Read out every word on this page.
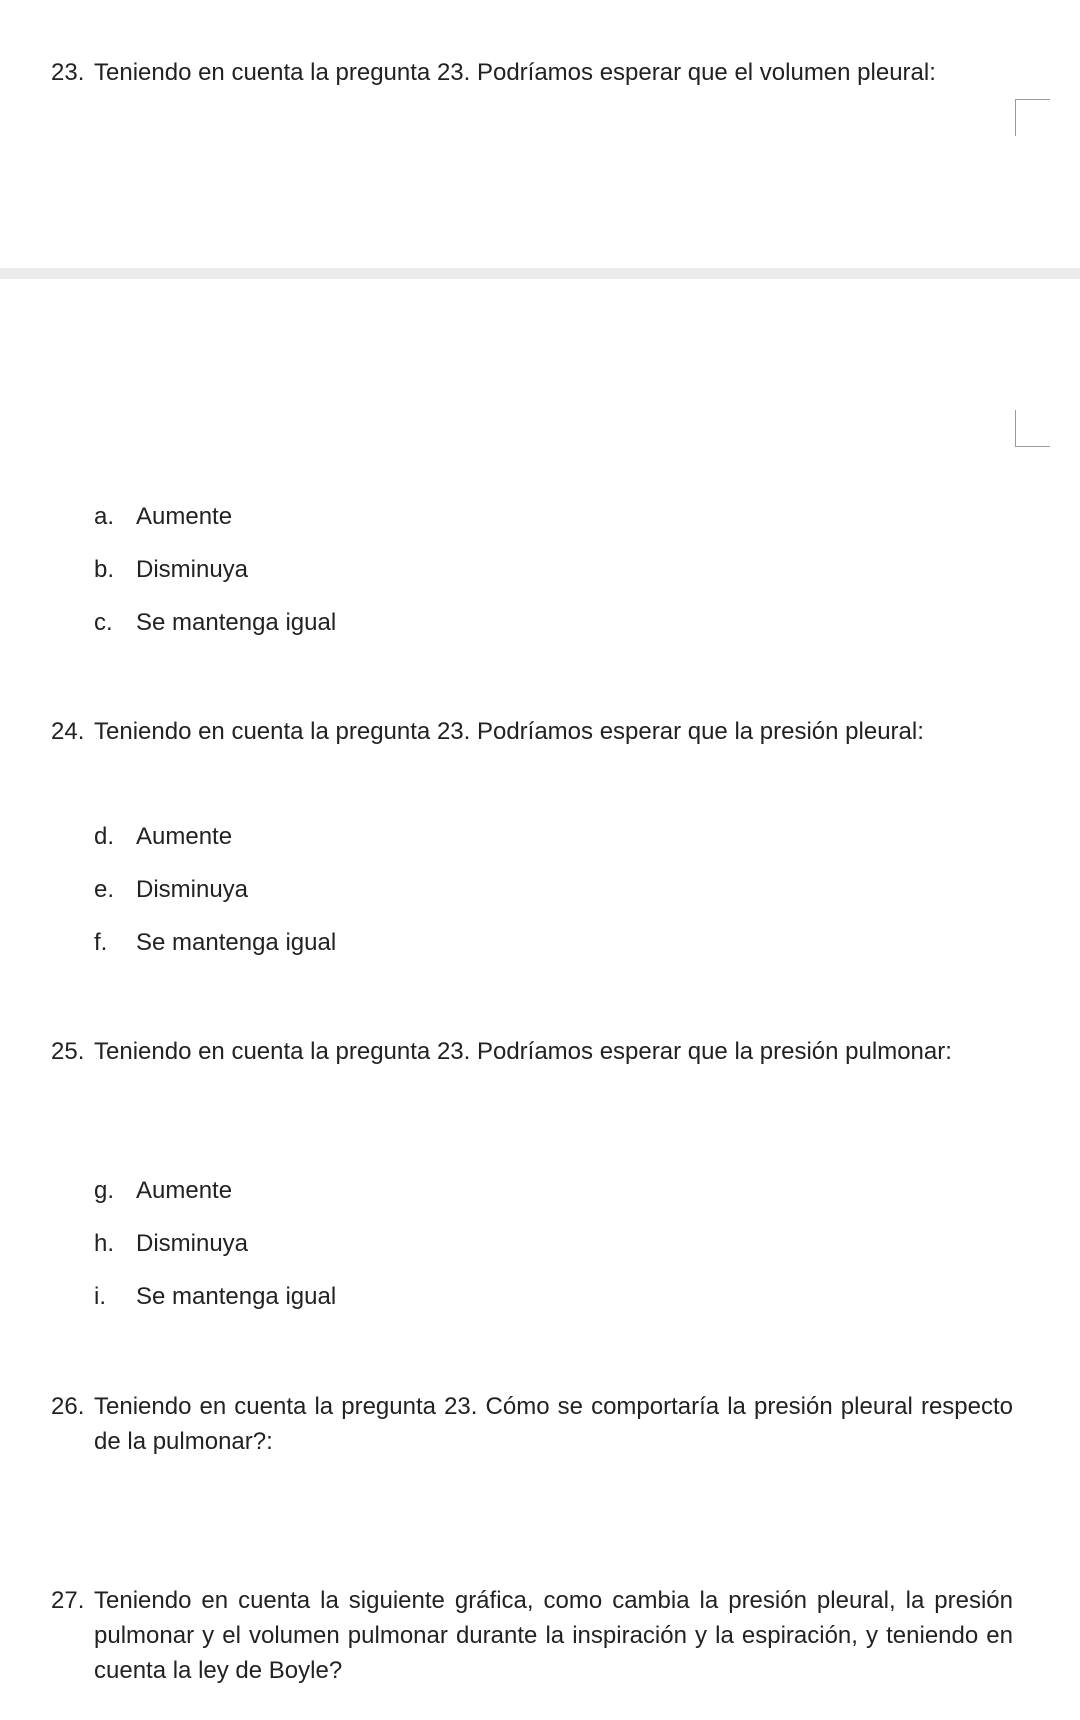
23. Teniendo en cuenta la pregunta 23. Podríamos esperar que el volumen pleural:
a. Aumente
b. Disminuya
c. Se mantenga igual
24. Teniendo en cuenta la pregunta 23. Podríamos esperar que la presión pleural:
d. Aumente
e. Disminuya
f. Se mantenga igual
25. Teniendo en cuenta la pregunta 23. Podríamos esperar que la presión pulmonar:
g. Aumente
h. Disminuya
i. Se mantenga igual
26. Teniendo en cuenta la pregunta 23. Cómo se comportaría la presión pleural respecto de la pulmonar?:
27. Teniendo en cuenta la siguiente gráfica, como cambia la presión pleural, la presión pulmonar y el volumen pulmonar durante la inspiración y la espiración, y teniendo en cuenta la ley de Boyle?
